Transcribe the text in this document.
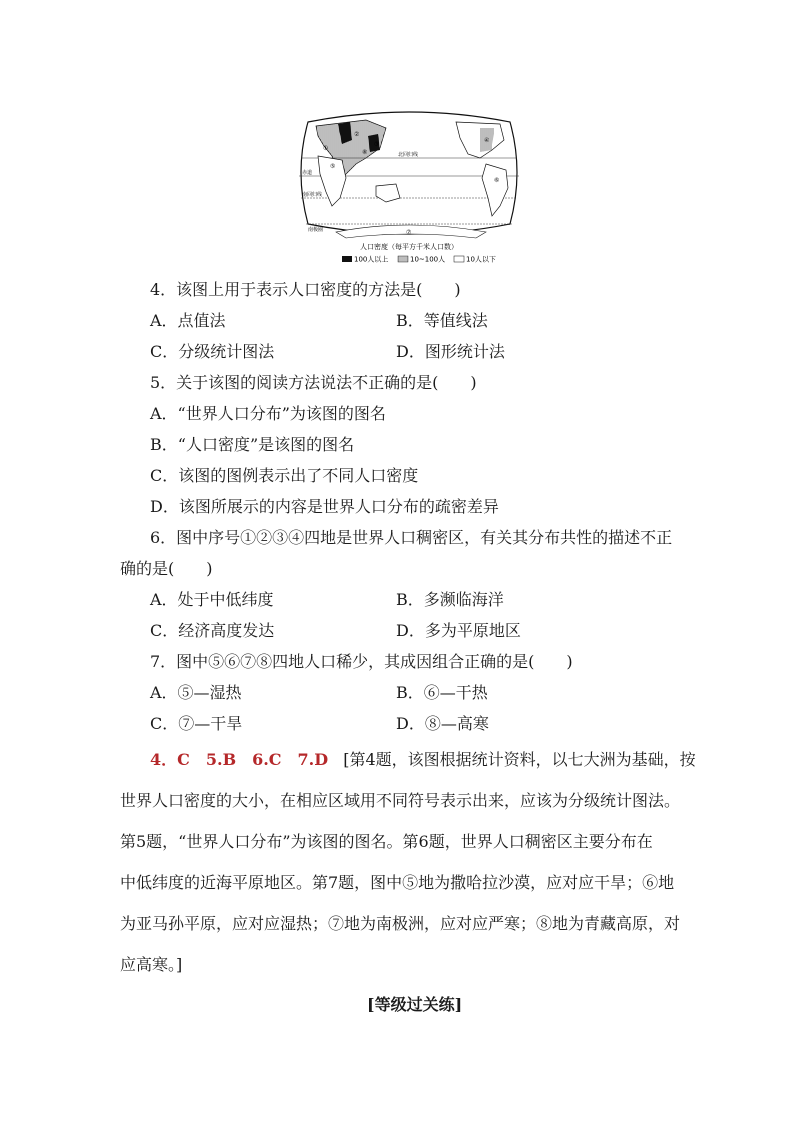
北回归线
赤道
南回归线
南极圈
①
②
③
④
⑤
⑥
⑦
⑧
人口密度（每平方千米人口数）
100人以上	10~100人	10人以下
4．该图上用于表示人口密度的方法是(　　)
A．点值法	B．等值线法
C．分级统计图法	D．图形统计法
5．关于该图的阅读方法说法不正确的是(　　)
A．“世界人口分布”为该图的图名
B．“人口密度”是该图的图名
C．该图的图例表示出了不同人口密度
D．该图所展示的内容是世界人口分布的疏密差异
6．图中序号①②③④四地是世界人口稠密区，有关其分布共性的描述不正
确的是(　　)
A．处于中低纬度	B．多濒临海洋
C．经济高度发达	D．多为平原地区
7．图中⑤⑥⑦⑧四地人口稀少，其成因组合正确的是(　　)
A．⑤—湿热	B．⑥—干热
C．⑦—干旱	D．⑧—高寒
4．C　5.B　6.C　7.D [第4题，该图根据统计资料，以七大洲为基础，按
世界人口密度的大小，在相应区域用不同符号表示出来，应该为分级统计图法。
第5题，“世界人口分布”为该图的图名。第6题，世界人口稠密区主要分布在
中低纬度的近海平原地区。第7题，图中⑤地为撒哈拉沙漠，应对应干旱；⑥地
为亚马孙平原，应对应湿热；⑦地为南极洲，应对应严寒；⑧地为青藏高原，对
应高寒。]
[等级过关练]
